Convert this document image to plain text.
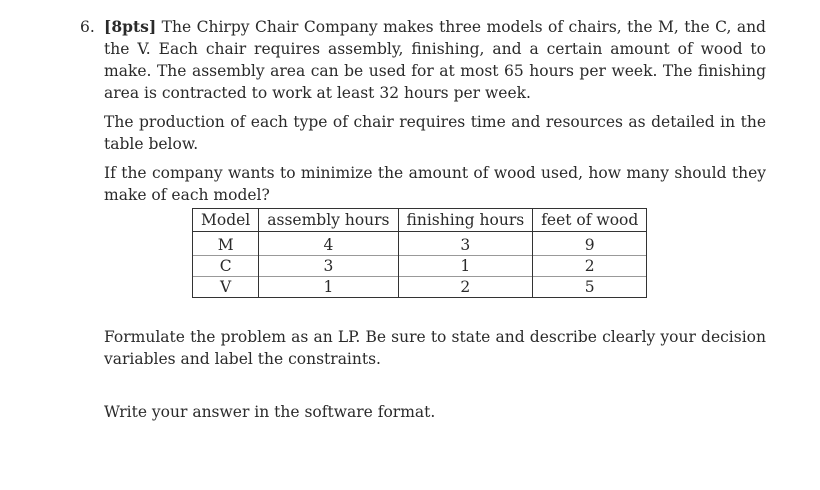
6. [8pts] The Chirpy Chair Company makes three models of chairs, the M, the C, and the V. Each chair requires assembly, finishing, and a certain amount of wood to make. The assembly area can be used for at most 65 hours per week. The finishing area is contracted to work at least 32 hours per week.

The production of each type of chair requires time and resources as detailed in the table below.

If the company wants to minimize the amount of wood used, how many should they make of each model?

Model	assembly hours	finishing hours	feet of wood
M	4	3	9
C	3	1	2
V	1	2	5

Formulate the problem as an LP. Be sure to state and describe clearly your decision variables and label the constraints.

Write your answer in the software format.
